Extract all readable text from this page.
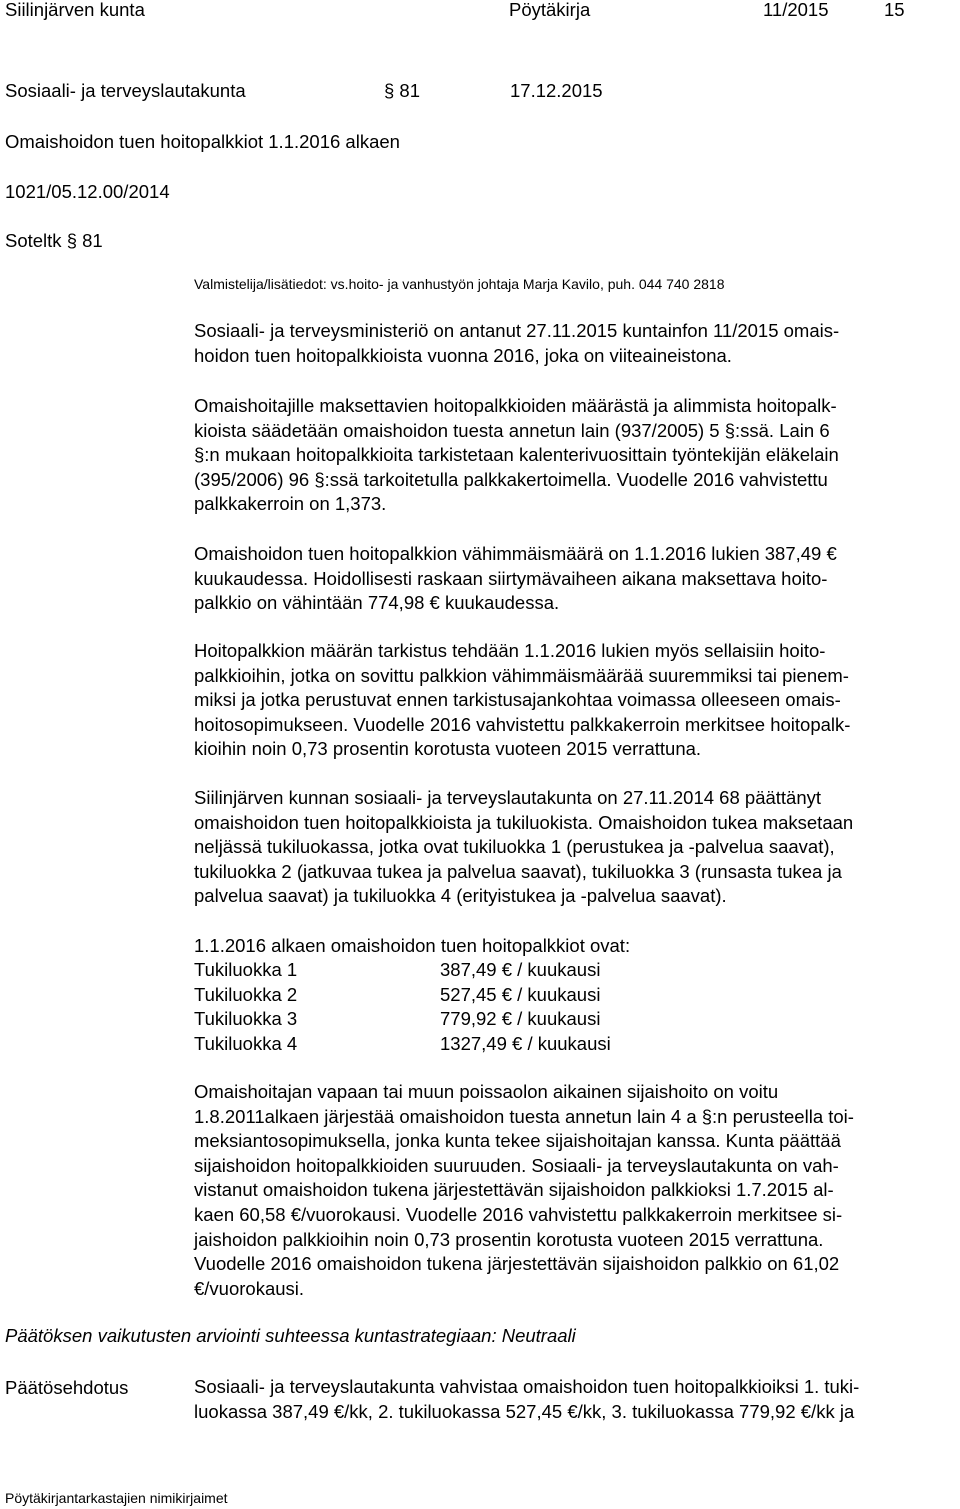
Siilinjärven kunta	Pöytäkirja	11/2015	15
Sosiaali- ja terveyslautakunta	§ 81	17.12.2015
Omaishoidon tuen hoitopalkkiot 1.1.2016 alkaen
1021/05.12.00/2014
Soteltk § 81
Valmistelija/lisätiedot: vs.hoito- ja vanhustyön johtaja Marja Kavilo, puh. 044 740 2818

Sosiaali- ja terveysministeriö on antanut 27.11.2015 kuntainfon 11/2015 omais-
hoidon tuen hoitopalkkioista vuonna 2016, joka on viiteaineistona.

Omaishoitajille maksettavien hoitopalkkioiden määrästä ja alimmista hoitopalk-
kioista säädetään omaishoidon tuesta annetun lain (937/2005) 5 §:ssä. Lain 6
§:n mukaan hoitopalkkioita tarkistetaan kalenterivuosittain työntekijän eläkelain
(395/2006) 96 §:ssä tarkoitetulla palkkakertoimella. Vuodelle 2016 vahvistettu
palkkakerroin on 1,373.

Omaishoidon tuen hoitopalkkion vähimmäismäärä on 1.1.2016 lukien 387,49 €
kuukaudessa. Hoidollisesti raskaan siirtymävaiheen aikana maksettava hoito-
palkkio on vähintään 774,98 € kuukaudessa.

Hoitopalkkion määrän tarkistus tehdään 1.1.2016 lukien myös sellaisiin hoito-
palkkioihin, jotka on sovittu palkkion vähimmäismäärää suuremmiksi tai pienem-
miksi ja jotka perustuvat ennen tarkistusajankohtaa voimassa olleeseen omais-
hoitosopimukseen. Vuodelle 2016 vahvistettu palkkakerroin merkitsee hoitopalk-
kioihin noin 0,73 prosentin korotusta vuoteen 2015 verrattuna.

Siilinjärven kunnan sosiaali- ja terveyslautakunta on 27.11.2014 68 päättänyt
omaishoidon tuen hoitopalkkioista ja tukiluokista. Omaishoidon tukea maksetaan
neljässä tukiluokassa, jotka ovat tukiluokka 1 (perustukea ja -palvelua saavat),
tukiluokka 2 (jatkuvaa tukea ja palvelua saavat), tukiluokka 3 (runsasta tukea ja
palvelua saavat) ja tukiluokka 4 (erityistukea ja -palvelua saavat).

1.1.2016 alkaen omaishoidon tuen hoitopalkkiot ovat:
Tukiluokka 1	387,49 € / kuukausi
Tukiluokka 2	527,45 € / kuukausi
Tukiluokka 3	779,92 € / kuukausi
Tukiluokka 4	1327,49 € / kuukausi

Omaishoitajan vapaan tai muun poissaolon aikainen sijaishoito on voitu
1.8.2011alkaen järjestää omaishoidon tuesta annetun lain 4 a §:n perusteella toi-
meksiantosopimuksella, jonka kunta tekee sijaishoitajan kanssa. Kunta päättää
sijaishoidon hoitopalkkioiden suuruuden. Sosiaali- ja terveyslautakunta on vah-
vistanut omaishoidon tukena järjestettävän sijaishoidon palkkioksi 1.7.2015 al-
kaen 60,58 €/vuorokausi. Vuodelle 2016 vahvistettu palkkakerroin merkitsee si-
jaishoidon palkkioihin noin 0,73 prosentin korotusta vuoteen 2015 verrattuna.
Vuodelle 2016 omaishoidon tukena järjestettävän sijaishoidon palkkio on 61,02
€/vuorokausi.

Päätöksen vaikutusten arviointi suhteessa kuntastrategiaan: Neutraali
Päätösehdotus	Sosiaali- ja terveyslautakunta vahvistaa omaishoidon tuen hoitopalkkioiksi 1. tuki-
luokassa 387,49 €/kk, 2. tukiluokassa 527,45 €/kk, 3. tukiluokassa 779,92 €/kk ja

Pöytäkirjantarkastajien nimikirjaimet
